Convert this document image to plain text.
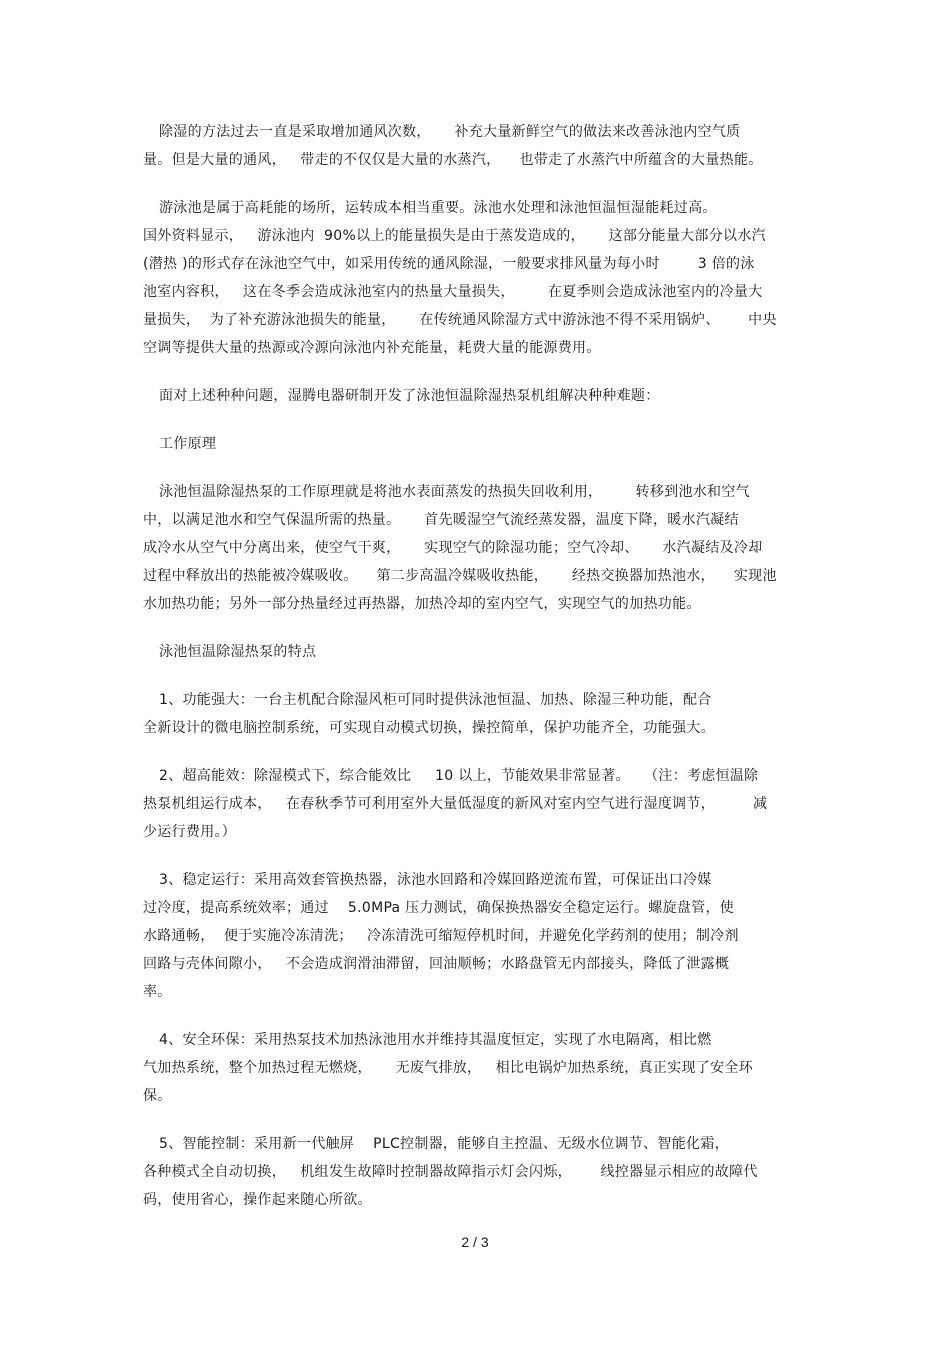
除湿的方法过去一直是采取增加通风次数，     补充大量新鲜空气的做法来改善泳池内空气质
量。但是大量的通风，   带走的不仅仅是大量的水蒸汽，    也带走了水蒸汽中所蕴含的大量热能。
游泳池是属于高耗能的场所，运转成本相当重要。泳池水处理和泳池恒温恒湿能耗过高。
国外资料显示，   游泳池内  90%以上的能量损失是由于蒸发造成的，     这部分能量大部分以水汽
(潜热 )的形式存在泳池空气中，如采用传统的通风除湿，一般要求排风量为每小时        3 倍的泳
池室内容积，   这在冬季会造成泳池室内的热量大量损失，       在夏季则会造成泳池室内的冷量大
量损失，  为了补充游泳池损失的能量，     在传统通风除湿方式中游泳池不得不采用锅炉、      中央
空调等提供大量的热源或冷源向泳池内补充能量，耗费大量的能源费用。
面对上述种种问题，湿腾电器研制开发了泳池恒温除湿热泵机组解决种种难题：
工作原理
泳池恒温除湿热泵的工作原理就是将池水表面蒸发的热损失回收利用，       转移到池水和空气
中，以满足池水和空气保温所需的热量。     首先暖湿空气流经蒸发器，温度下降，暖水汽凝结
成冷水从空气中分离出来，使空气干爽，     实现空气的除湿功能；空气冷却、     水汽凝结及冷却
过程中释放出的热能被冷媒吸收。    第二步高温冷媒吸收热能，     经热交换器加热池水，    实现池
水加热功能；另外一部分热量经过再热器，加热冷却的室内空气，实现空气的加热功能。
泳池恒温除湿热泵的特点
1、功能强大：一台主机配合除湿风柜可同时提供泳池恒温、加热、除湿三种功能，配合
全新设计的微电脑控制系统，可实现自动模式切换，操控简单，保护功能齐全，功能强大。
2、超高能效：除湿模式下，综合能效比     10 以上，节能效果非常显著。   （注：考虑恒温除
热泵机组运行成本，   在春秋季节可利用室外大量低湿度的新风对室内空气进行湿度调节，        减
少运行费用。）
3、稳定运行：采用高效套管换热器，泳池水回路和冷媒回路逆流布置，可保证出口冷媒
过冷度，提高系统效率；通过    5.0MPa 压力测试，确保换热器安全稳定运行。螺旋盘管，使
水路通畅，  便于实施冷冻清洗；   冷冻清洗可缩短停机时间，并避免化学药剂的使用；制冷剂
回路与壳体间隙小，   不会造成润滑油滞留，回油顺畅；水路盘管无内部接头，降低了泄露概
率。
4、安全环保：采用热泵技术加热泳池用水并维持其温度恒定，实现了水电隔离，相比燃
气加热系统，整个加热过程无燃烧，     无废气排放，   相比电锅炉加热系统，真正实现了安全环
保。
5、智能控制：采用新一代触屏    PLC控制器，能够自主控温、无级水位调节、智能化霜，
各种模式全自动切换，   机组发生故障时控制器故障指示灯会闪烁，      线控器显示相应的故障代
码，使用省心，操作起来随心所欲。
2 / 3
